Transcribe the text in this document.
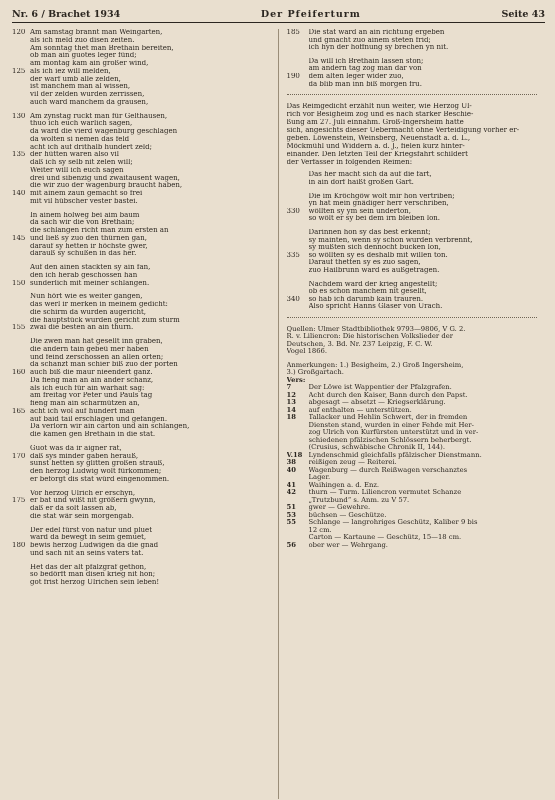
Nr. 6 / Brachet 1934	Der Pfeiferturm	Seite 43
120 Am samstag brannt man Weingarten,
als ich meld zuo disen zeiten.
Am sonntag thet man Brethain bereiten,
ob man ain guotes leger fünd;
am montag kam ain großer wind,
125 als ich iez will melden,
der warf umb alle zelden,
ist manchem man al wissen,
vil der zelden wurden zerrissen,
auch ward manchem da grausen,
130 Am zynstag ruckt man für Gelthausen,
thuo ich euch warlich sagen,
da ward die vierd wagenburg geschlagen
da wolten si nemen das feld
acht ich auf drithalb hundert zeld;
135 der hütten waren also vil
daß ich sy selb nit zelen will;
Weiter will ich euch sagen
drei und sibenzig und zwaitausent wagen,
die wir zuo der wagenburg braucht haben,
140 mit ainem zaun gemacht so frei
mit vil hübscher vester bastei.
In ainem holweg bei aim baum
da sach wir die von Brethain;
die schlangen richt man zum ersten an
145 und ließ sy zuo den thürnen gan,
darauf sy hetten ir höchste gwer,
darauß sy schußen in das her.
Auf den ainen stackten sy ain fan,
den ich herab geschossen han
150 sunderlich mit meiner schlangen.
Nun hört wie es weiter gangen,
das werl ir merken in meinem gedicht:
die schirm da wurden augericht,
die hauptstück wurden gericht zum sturm
155 zwai die besten an ain thurn.
Die zwen man hat gesellt inn graben,
die andern tain gebeü mer haben
und feind zerschossen an allen orten;
da schanzt man schier biß zuo der porten
160 auch biß die maur nieendert ganz.
Da fieng man an ain ander schanz,
als ich euch für ain warhait sag:
am freitag vor Peter und Pauls tag
fieng man ain scharmützen an,
165 acht ich wol auf hundert man
auf baid tail erschlagen und gefangen.
Da verlorn wir ain carton und ain schlangen,
die kamen gen Brethain in die stat.
Guot was da ir aigner rat,
170 daß sys minder gaben herauß,
sunst hetten sy glitten großen strauß,
den herzog Ludwig wolt fürkommen;
er beforgt dis stat würd eingenommen.
Vor herzog Ulrich er erschyn,
175 er bat und wißt nit größern gwynn,
daß er da solt lassen ab,
die stat wär sein morgengab.
Der edel fürst von natur und pluet
ward da bewegt in seim gemuet,
180 bewis herzog Ludwigen da die gnad
und sach nit an seins vaters tat.
Het das der alt pfalzgraf gethon,
so bedörft man disen krieg nit hon;
got frist herzog Ulrichen sein leben!
185	Die stat ward an ain richtung ergeben
und gmacht zuo ainem steten frid;
ich hyn der hoffnung sy brechen yn nit.
Da will ich Brethain lassen ston;
am andern tag zog man dar von
190	dem alten leger wider zuo,
da blib man inn biß morgen fru.
Das Reimgedicht erzählt nun weiter, wie Herzog Ul-
rich vor Besigheim zog und es nach starker Beschie-
ßung am 27. Juli einnahm. Groß-Ingersheim hatte
sich, angesichts dieser Uebermacht ohne Verteidigung vorher er-
geben. Löwenstein, Weinsberg, Neuenstadt a. d. L.,
Möckmühl und Widdern a. d. J., fielen kurz hinter-
einander. Den letzten Teil der Kriegsfahrt schildert
der Verfasser in folgenden Reimen:
Das her macht sich da auf die fart,
in ain dorf haißt großen Gart.
Die im Kröchgöw wolt mir hon vertriben;
yn hat mein gnädiger herr verschriben,
330	wöllten sy ym sein underton,
so wölt er sy bei dem irn bleiben lon.
Darinnen hon sy das best erkennt;
sy mainten, wenn sy schon wurden verbrennt,
sy mußten sich dennocht bucken lon,
335	so wöllten sy es deshalb mit willen ton.
Darauf thetten sy es zuo sagen,
zuo Hailbrunn ward es außgetragen.
Nachdem ward der krieg angestellt;
ob es schon manchem nit gesellt,
340	so hab ich darumb kain trauren.
Also spricht Hanns Glaser von Urach.
Quellen: Ulmer Stadtbibliothek 9793—9806, V G. 2.
R. v. Liliencron: Die historischen Volkslieder der
Deutschen, 3. Bd. Nr. 237 Leipzig, F. C. W.
Vogel 1866.
Anmerkungen: 1.) Besigheim, 2.) Groß Ingersheim,
3.) Großgartach.
Vers:
7	Der Löwe ist Wappentier der Pfalzgrafen.
12	Acht durch den Kaiser, Bann durch den Papst.
13	abgesagt — absetzt — Kriegserklärung.
14	auf enthalten — unterstützen.
18	Tallacker und Hehlin Schwert, der in fremden
Diensten stand, wurden in einer Fehde mit Her-
zog Ulrich von Kurfürsten unterstützt und in ver-
schiedenen pfälzischen Schlössern beherbergt.
(Crusius, schwäbische Chronik II, 144).
V.18 Lyndenschmid gleichfalls pfälzischer Dienstmann.
38	reißigen zeug — Reiterei.
40	Wagenburg — durch Reißwagen verschanztes
Lager.
41	Waihingen a. d. Enz.
42	thurn — Turm. Liliencron vermutet Schanze
„Trutzbund“ s. Anm. zu V 57.
51	gwer — Gewehre.
53	büchsen — Geschütze.
55	Schlange — langrohriges Geschütz, Kaliber 9 bis
12 cm.
Carton — Kartaune — Geschütz, 15—18 cm.
56	ober wer — Wehrgang.
